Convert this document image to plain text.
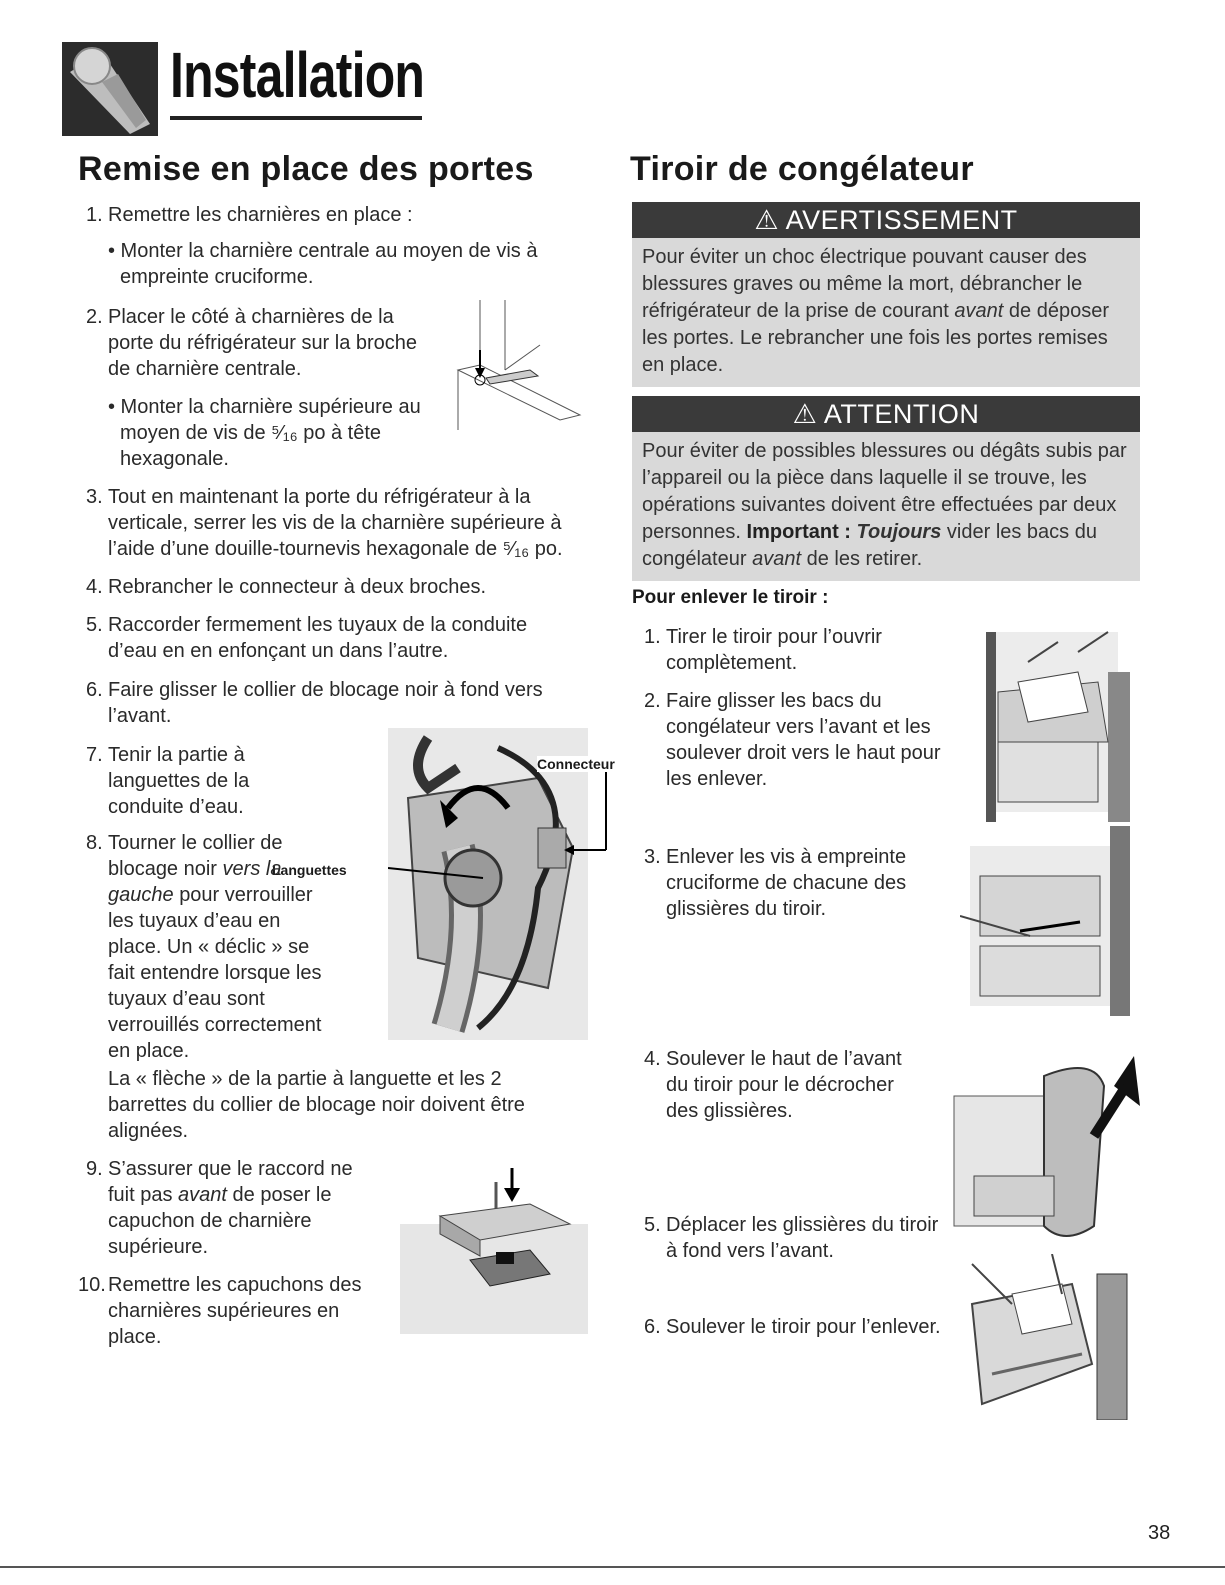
Installation
Remise en place des portes
1. Remettre les charnières en place :
• Monter la charnière centrale au moyen de vis à empreinte cruciforme.
2. Placer le côté à charnières de la porte du réfrigérateur sur la broche de charnière centrale.
• Monter la charnière supérieure au moyen de vis de ⁵⁄₁₆ po à tête hexagonale.
3. Tout en maintenant la porte du réfrigérateur à la verticale, serrer les vis de la charnière supérieure à l’aide d’une douille-tournevis hexagonale de ⁵⁄₁₆ po.
4. Rebrancher le connecteur à deux broches.
5. Raccorder fermement les tuyaux de la conduite d’eau en en enfonçant un dans l’autre.
6. Faire glisser le collier de blocage noir à fond vers l’avant.
7. Tenir la partie à languettes de la conduite d’eau.
Connecteur
Languettes
8. Tourner le collier de blocage noir vers la gauche pour verrouiller les tuyaux d’eau en place. Un « déclic » se fait entendre lorsque les tuyaux d’eau sont verrouillés correctement en place.
La « flèche » de la partie à languette et les 2 barrettes du collier de blocage noir doivent être alignées.
9. S’assurer que le raccord ne fuit pas avant de poser le capuchon de charnière supérieure.
10. Remettre les capuchons des charnières supérieures en place.
Tiroir de congélateur
⚠ AVERTISSEMENT
Pour éviter un choc électrique pouvant causer des blessures graves ou même la mort, débrancher le réfrigérateur de la prise de courant avant de déposer les portes. Le rebrancher une fois les portes remises en place.
⚠ ATTENTION
Pour éviter de possibles blessures ou dégâts subis par l’appareil ou la pièce dans laquelle il se trouve, les opérations suivantes doivent être effectuées par deux personnes. Important : Toujours vider les bacs du congélateur avant de les retirer.
Pour enlever le tiroir :
1. Tirer le tiroir pour l’ouvrir complètement.
2. Faire glisser les bacs du congélateur vers l’avant et les soulever droit vers le haut pour les enlever.
3. Enlever les vis à empreinte cruciforme de chacune des glissières du tiroir.
4. Soulever le haut de l’avant du tiroir pour le décrocher des glissières.
5. Déplacer les glissières du tiroir à fond vers l’avant.
6. Soulever le tiroir pour l’enlever.
38
